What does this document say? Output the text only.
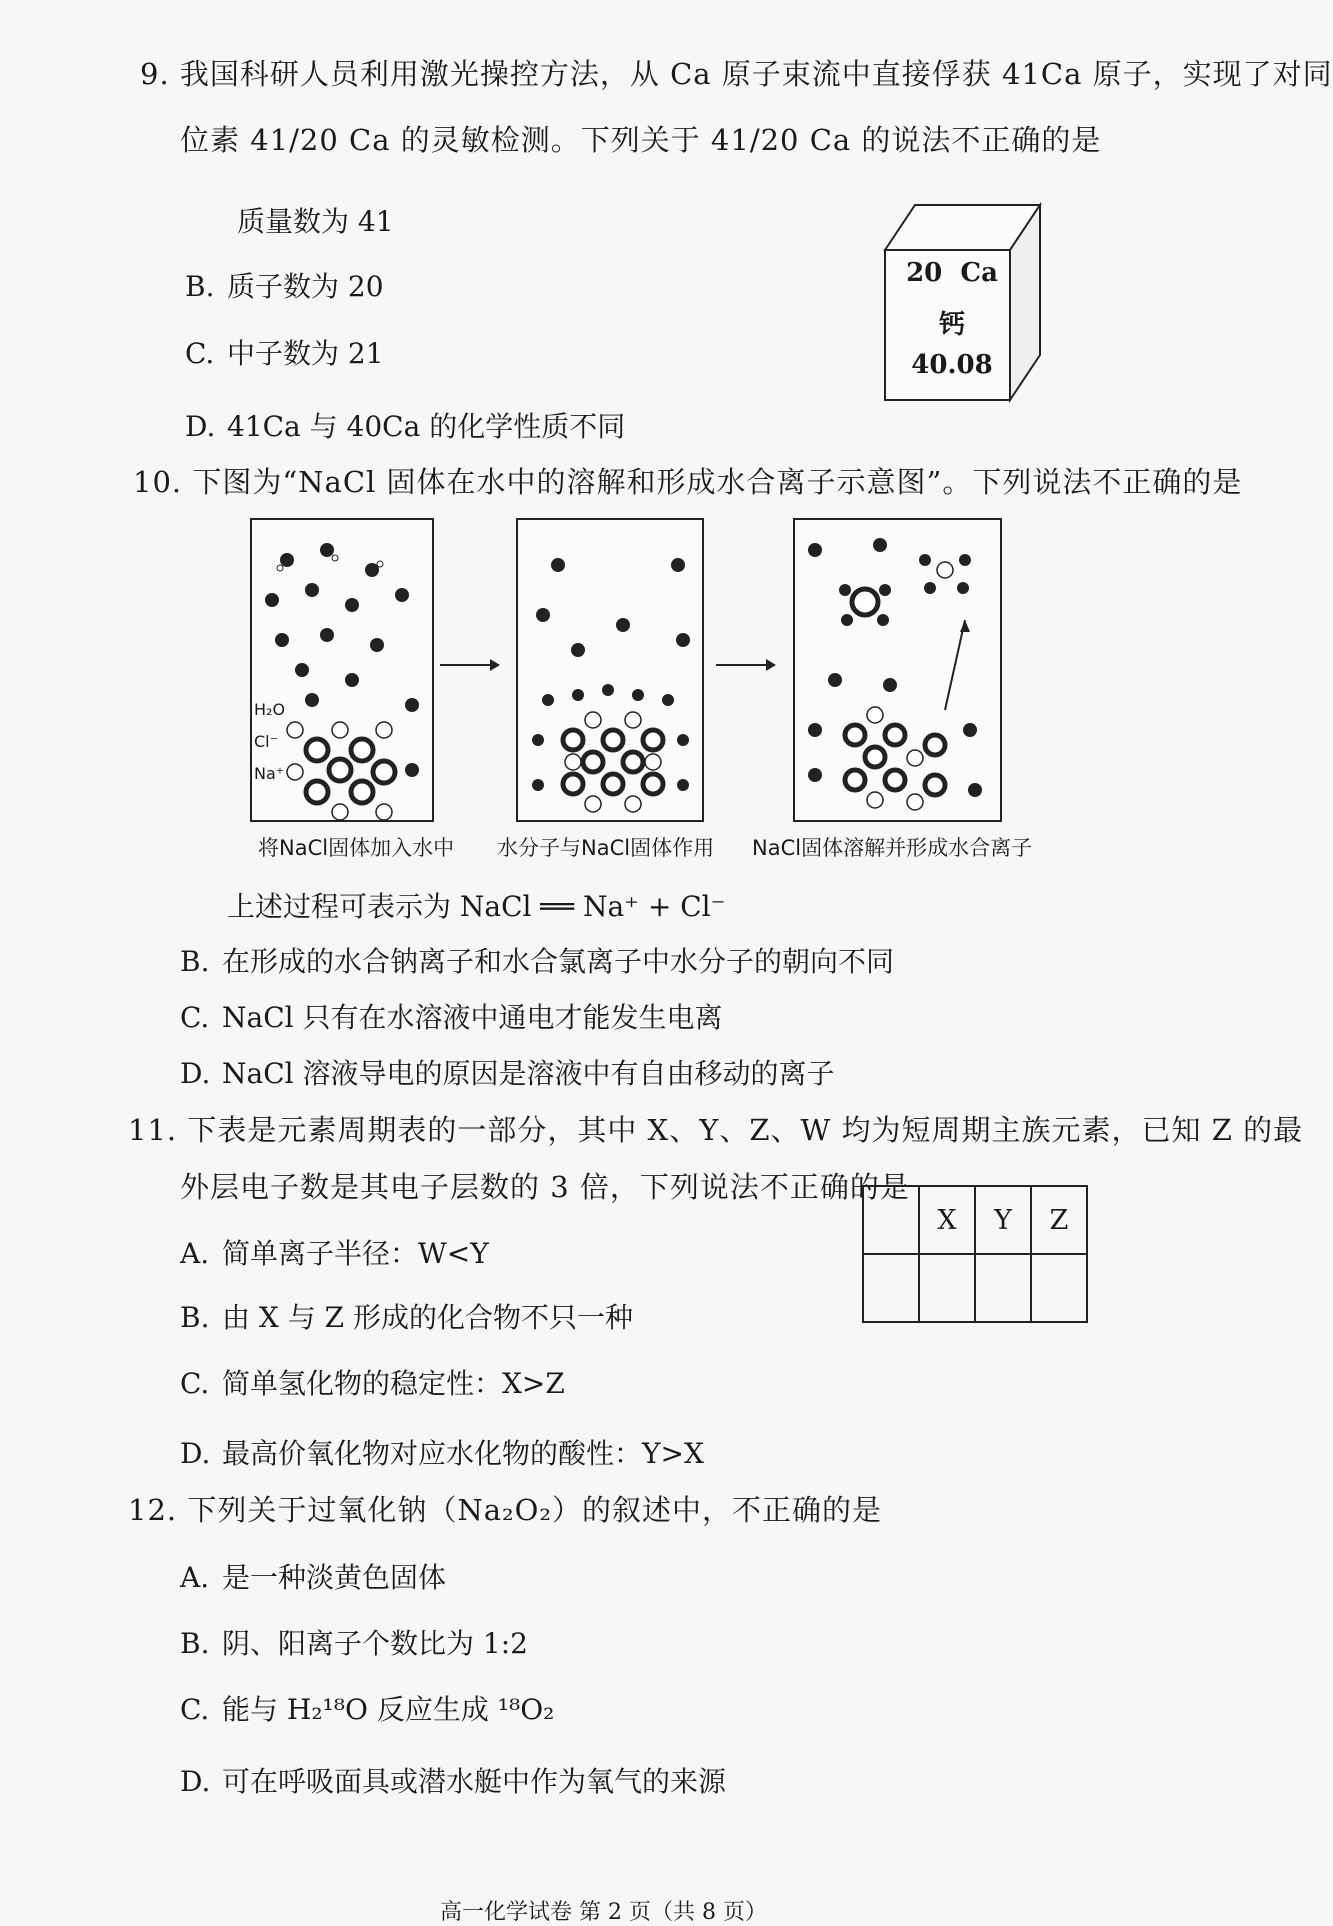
9. 我国科研人员利用激光操控方法，从 Ca 原子束流中直接俘获 41Ca 原子，实现了对同
位素 41/20 Ca 的灵敏检测。下列关于 41/20 Ca 的说法不正确的是
质量数为 41
B. 质子数为 20
C. 中子数为 21
D. 41Ca 与 40Ca 的化学性质不同
20 Ca
钙
40.08
10. 下图为“NaCl 固体在水中的溶解和形成水合离子示意图”。下列说法不正确的是
H₂O
Cl⁻
Na⁺
将NaCl固体加入水中 水分子与NaCl固体作用 NaCl固体溶解并形成水合离子
上述过程可表示为 NaCl ══ Na⁺ + Cl⁻
B. 在形成的水合钠离子和水合氯离子中水分子的朝向不同
C. NaCl 只有在水溶液中通电才能发生电离
D. NaCl 溶液导电的原因是溶液中有自由移动的离子
11. 下表是元素周期表的一部分，其中 X、Y、Z、W 均为短周期主族元素，已知 Z 的最
外层电子数是其电子层数的 3 倍，下列说法不正确的是
	X	Y	Z

A. 简单离子半径：W<Y
B. 由 X 与 Z 形成的化合物不只一种
C. 简单氢化物的稳定性：X>Z
D. 最高价氧化物对应水化物的酸性：Y>X
12. 下列关于过氧化钠（Na₂O₂）的叙述中，不正确的是
A. 是一种淡黄色固体
B. 阴、阳离子个数比为 1:2
C. 能与 H₂¹⁸O 反应生成 ¹⁸O₂
D. 可在呼吸面具或潜水艇中作为氧气的来源
高一化学试卷 第 2 页（共 8 页）
